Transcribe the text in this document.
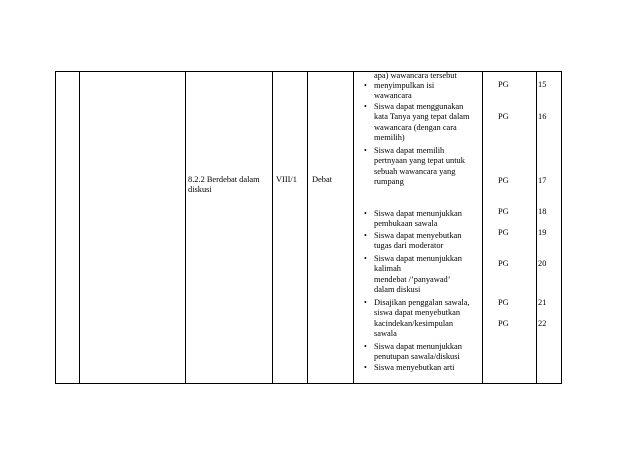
8.2.2 Berdebat dalam
diskusi
VIII/1 Debat
apa) wawancara tersebut
• menyimpulkan isi
wawancara
• Siswa dapat menggunakan
kata Tanya yang tepat dalam
wawancara (dengan cara
memilih)
• Siswa dapat memilih
pertnyaan yang tepat untuk
sebuah wawancara yang
rumpang
• Siswa dapat menunjukkan
pembukaan sawala
• Siswa dapat menyebutkan
tugas dari moderator
• Siswa dapat menunjukkan
kalimah
mendebat /’panyawad’
dalam diskusi
• Disajikan penggalan sawala,
siswa dapat menyebutkan
kacindekan/kesimpulan
sawala
• Siswa dapat menunjukkan
penutupan sawala/diskusi
• Siswa menyebutkan arti
PG
PG
PG
PG
PG
PG
PG
PG
15
16
17
18
19
20
21
22
